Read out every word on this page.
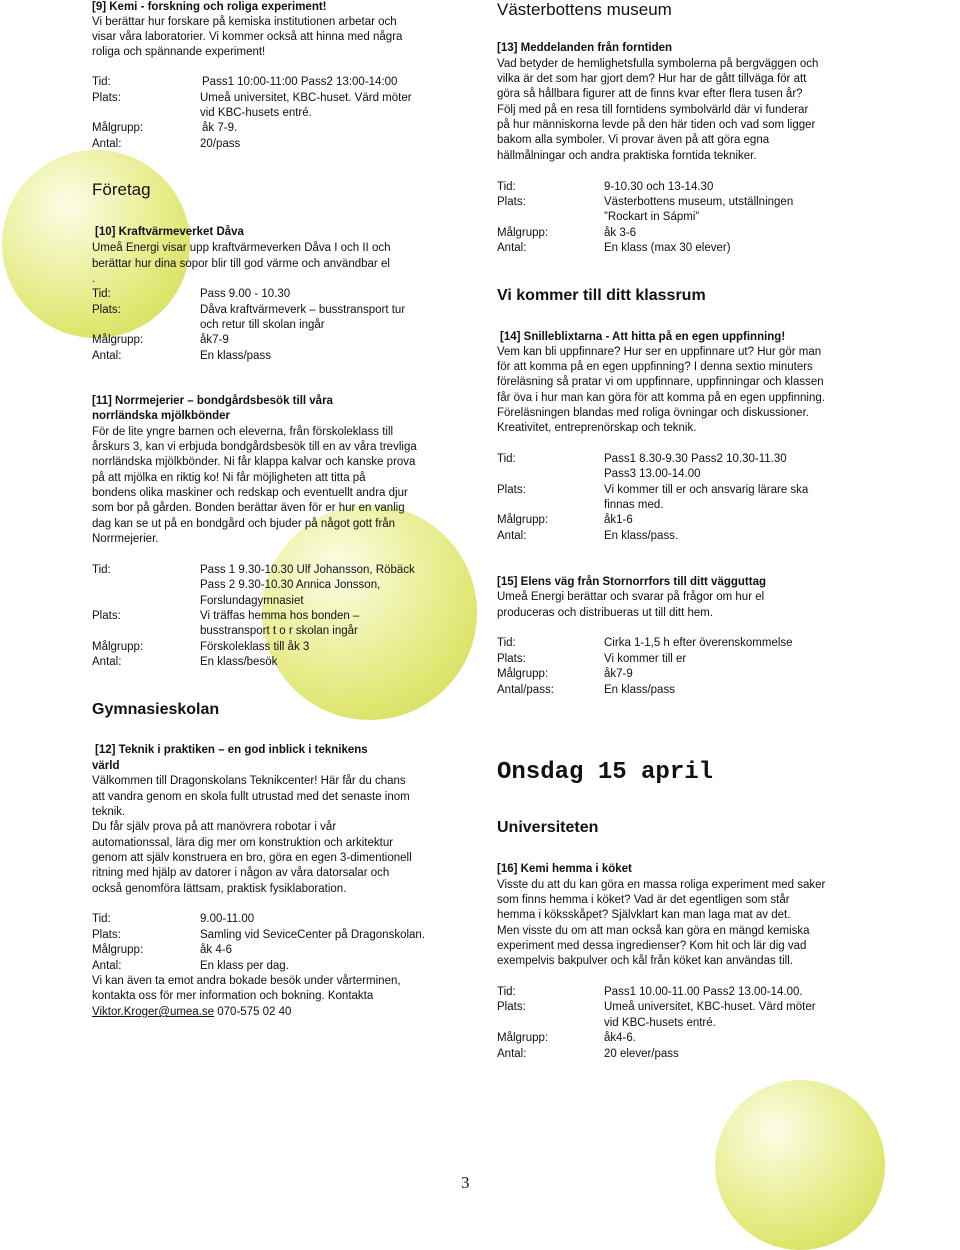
[9] Kemi - forskning och roliga experiment!
Vi berättar hur forskare på kemiska institutionen arbetar och
visar våra laboratorier. Vi kommer också att hinna med några
roliga och spännande experiment!
Tid:	Pass1 10:00-11:00 Pass2 13:00-14:00
Plats:	Umeå universitet, KBC-huset. Värd möter
vid KBC-husets entré.
Målgrupp:	åk 7-9.
Antal:	20/pass
Företag
[10] Kraftvärmeverket Dåva
Umeå Energi visar upp kraftvärmeverken Dåva I och II och
berättar hur dina sopor blir till god värme och användbar el
.
Tid:	Pass 9.00 - 10.30
Plats:	Dåva kraftvärmeverk – busstransport tur
och retur till skolan ingår
Målgrupp:	åk7-9
Antal:	En klass/pass
[11] Norrmejerier – bondgårdsbesök till våra
norrländska mjölkbönder
För de lite yngre barnen och eleverna, från förskoleklass till
årskurs 3, kan vi erbjuda bondgårdsbesök till en av våra trevliga
norrländska mjölkbönder. Ni får klappa kalvar och kanske prova
på att mjölka en riktig ko! Ni får möjligheten att titta på
bondens olika maskiner och redskap och eventuellt andra djur
som bor på gården. Bonden berättar även för er hur en vanlig
dag kan se ut på en bondgård och bjuder på något gott från
Norrmejerier.
Tid:	Pass 1 9.30-10.30 Ulf Johansson, Röbäck
Pass 2 9.30-10.30 Annica Jonsson,
Forslundagymnasiet
Plats:	Vi träffas hemma hos bonden –
busstransport t o r skolan ingår
Målgrupp:	Förskoleklass till åk 3
Antal:	En klass/besök
Gymnasieskolan
[12] Teknik i praktiken – en god inblick i teknikens
värld
Välkommen till Dragonskolans Teknikcenter! Här får du chans
att vandra genom en skola fullt utrustad med det senaste inom
teknik.
Du får själv prova på att manövrera robotar i vår
automationssal, lära dig mer om konstruktion och arkitektur
genom att själv konstruera en bro, göra en egen 3-dimentionell
ritning med hjälp av datorer i någon av våra datorsalar och
också genomföra lättsam, praktisk fysiklaboration.
Tid:	9.00-11.00
Plats:	Samling vid SeviceCenter på Dragonskolan.
Målgrupp:	åk 4-6
Antal:	En klass per dag.
Vi kan även ta emot andra bokade besök under vårterminen,
kontakta oss för mer information och bokning. Kontakta
Viktor.Kroger@umea.se 070-575 02 40
Västerbottens museum
[13] Meddelanden från forntiden
Vad betyder de hemlighetsfulla symbolerna på bergväggen och
vilka är det som har gjort dem? Hur har de gått tillväga för att
göra så hållbara figurer att de finns kvar efter flera tusen år?
Följ med på en resa till forntidens symbolvärld där vi funderar
på hur människorna levde på den här tiden och vad som ligger
bakom alla symboler. Vi provar även på att göra egna
hällmålningar och andra praktiska forntida tekniker.
Tid:	9-10.30 och 13-14.30
Plats:	Västerbottens museum, utställningen
”Rockart in Sápmi”
Målgrupp:	åk 3-6
Antal:	En klass (max 30 elever)
Vi kommer till ditt klassrum
[14] Snilleblixtarna - Att hitta på en egen uppfinning!
Vem kan bli uppfinnare? Hur ser en uppfinnare ut? Hur gör man
för att komma på en egen uppfinning? I denna sextio minuters
föreläsning så pratar vi om uppfinnare, uppfinningar och klassen
får öva i hur man kan göra för att komma på en egen uppfinning.
Föreläsningen blandas med roliga övningar och diskussioner.
Kreativitet, entreprenörskap och teknik.
Tid:	Pass1 8.30-9.30 Pass2 10.30-11.30
Pass3 13.00-14.00
Plats:	Vi kommer till er och ansvarig lärare ska
finnas med.
Målgrupp:	åk1-6
Antal:	En klass/pass.
[15] Elens väg från Stornorrfors till ditt vägguttag
Umeå Energi berättar och svarar på frågor om hur el
produceras och distribueras ut till ditt hem.
Tid:	Cirka 1-1,5 h efter överenskommelse
Plats:	Vi kommer till er
Målgrupp:	åk7-9
Antal/pass:	En klass/pass
Onsdag 15 april
Universiteten
[16] Kemi hemma i köket
Visste du att du kan göra en massa roliga experiment med saker
som finns hemma i köket? Vad är det egentligen som står
hemma i köksskåpet? Självklart kan man laga mat av det.
Men visste du om att man också kan göra en mängd kemiska
experiment med dessa ingredienser? Kom hit och lär dig vad
exempelvis bakpulver och kål från köket kan användas till.
Tid:	Pass1 10.00-11.00 Pass2 13.00-14.00.
Plats:	Umeå universitet, KBC-huset. Värd möter
vid KBC-husets entré.
Målgrupp:	åk4-6.
Antal:	20 elever/pass
3
